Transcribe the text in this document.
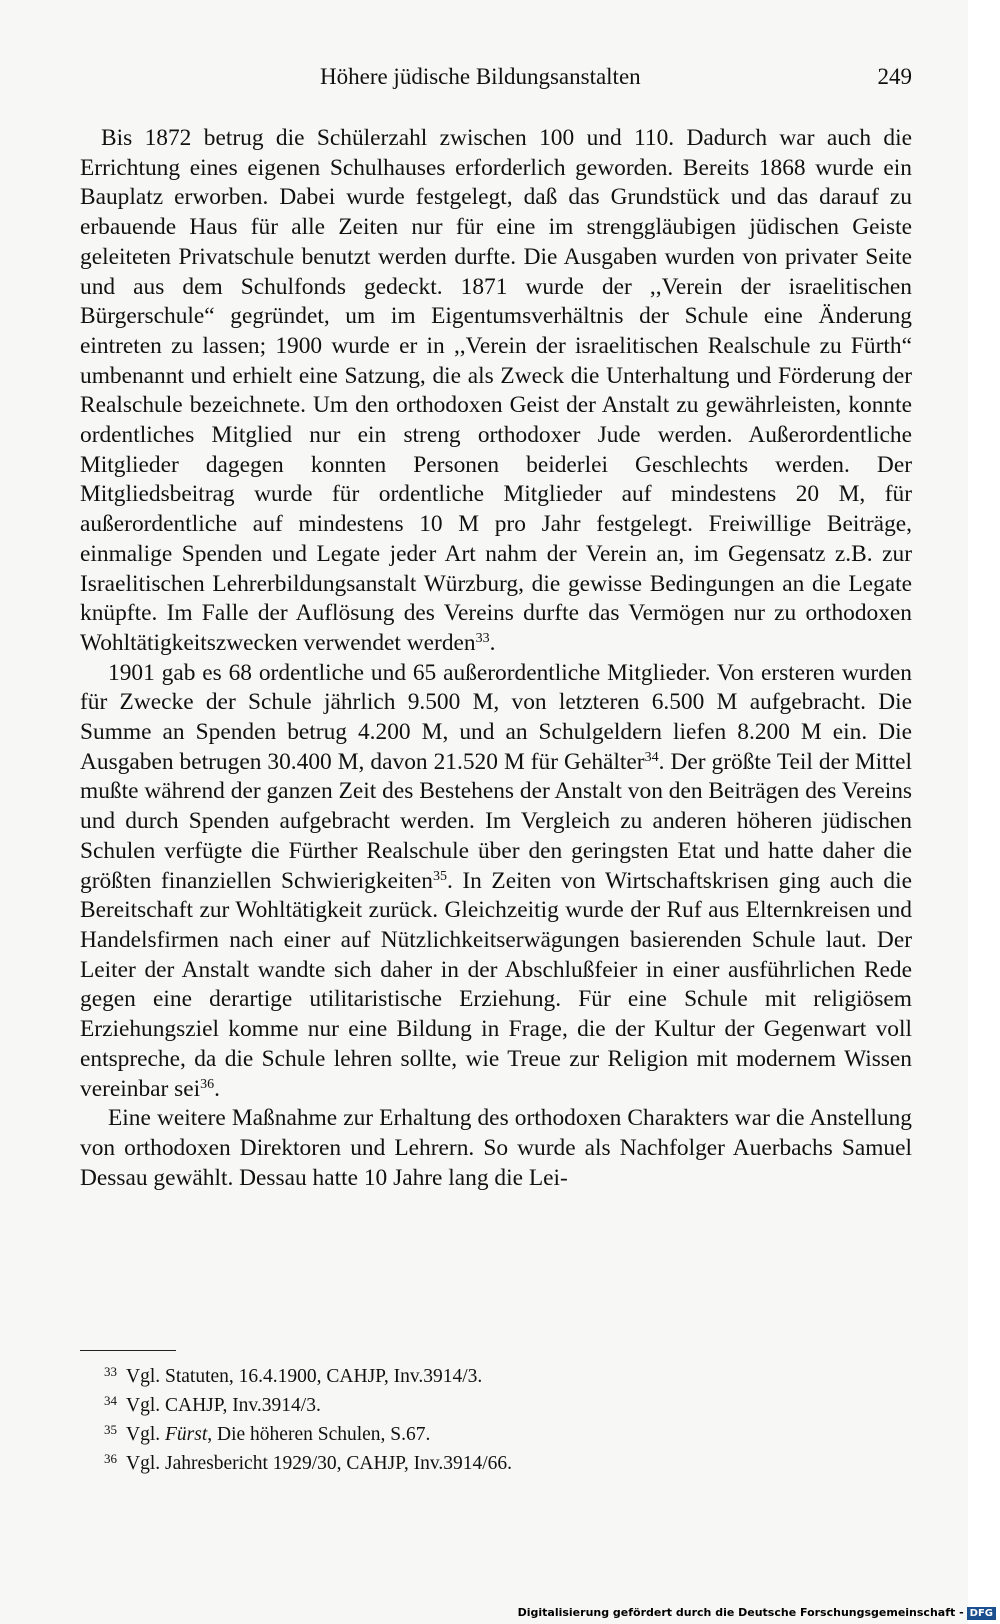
Höhere jüdische Bildungsanstalten	249

Bis 1872 betrug die Schülerzahl zwischen 100 und 110. Dadurch war auch die Errichtung eines eigenen Schulhauses erforderlich geworden. Bereits 1868 wurde ein Bauplatz erworben. Dabei wurde festgelegt, daß das Grundstück und das darauf zu erbauende Haus für alle Zeiten nur für eine im strenggläubigen jüdischen Geiste geleiteten Privatschule benutzt werden durfte. Die Ausgaben wurden von privater Seite und aus dem Schulfonds gedeckt. 1871 wurde der ,,Verein der israelitischen Bürgerschule“ gegründet, um im Eigentumsverhältnis der Schule eine Änderung eintreten zu lassen; 1900 wurde er in ,,Verein der israelitischen Realschule zu Fürth“ umbenannt und erhielt eine Satzung, die als Zweck die Unterhaltung und Förderung der Realschule bezeichnete. Um den orthodoxen Geist der Anstalt zu gewährleisten, konnte ordentliches Mitglied nur ein streng orthodoxer Jude werden. Außerordentliche Mitglieder dagegen konnten Personen beiderlei Geschlechts werden. Der Mitgliedsbeitrag wurde für ordentliche Mitglieder auf mindestens 20 M, für außerordentliche auf mindestens 10 M pro Jahr festgelegt. Freiwillige Beiträge, einmalige Spenden und Legate jeder Art nahm der Verein an, im Gegensatz z.B. zur Israelitischen Lehrerbildungsanstalt Würzburg, die gewisse Bedingungen an die Legate knüpfte. Im Falle der Auflösung des Vereins durfte das Vermögen nur zu orthodoxen Wohltätigkeitszwecken verwendet werden$^{33}$.

1901 gab es 68 ordentliche und 65 außerordentliche Mitglieder. Von ersteren wurden für Zwecke der Schule jährlich 9.500 M, von letzteren 6.500 M aufgebracht. Die Summe an Spenden betrug 4.200 M, und an Schulgeldern liefen 8.200 M ein. Die Ausgaben betrugen 30.400 M, davon 21.520 M für Gehälter$^{34}$. Der größte Teil der Mittel mußte während der ganzen Zeit des Bestehens der Anstalt von den Beiträgen des Vereins und durch Spenden aufgebracht werden. Im Vergleich zu anderen höheren jüdischen Schulen verfügte die Fürther Realschule über den geringsten Etat und hatte daher die größten finanziellen Schwierigkeiten$^{35}$. In Zeiten von Wirtschaftskrisen ging auch die Bereitschaft zur Wohltätigkeit zurück. Gleichzeitig wurde der Ruf aus Elternkreisen und Handelsfirmen nach einer auf Nützlichkeitserwägungen basierenden Schule laut. Der Leiter der Anstalt wandte sich daher in der Abschlußfeier in einer ausführlichen Rede gegen eine derartige utilitaristische Erziehung. Für eine Schule mit religiösem Erziehungsziel komme nur eine Bildung in Frage, die der Kultur der Gegenwart voll entspreche, da die Schule lehren sollte, wie Treue zur Religion mit modernem Wissen vereinbar sei$^{36}$.

Eine weitere Maßnahme zur Erhaltung des orthodoxen Charakters war die Anstellung von orthodoxen Direktoren und Lehrern. So wurde als Nachfolger Auerbachs Samuel Dessau gewählt. Dessau hatte 10 Jahre lang die Lei-

33 Vgl. Statuten, 16.4.1900, CAHJP, Inv.3914/3.
34 Vgl. CAHJP, Inv.3914/3.
35 Vgl. Fürst, Die höheren Schulen, S.67.
36 Vgl. Jahresbericht 1929/30, CAHJP, Inv.3914/66.
Digitalisierung gefördert durch die Deutsche Forschungsgemeinschaft - DFG
